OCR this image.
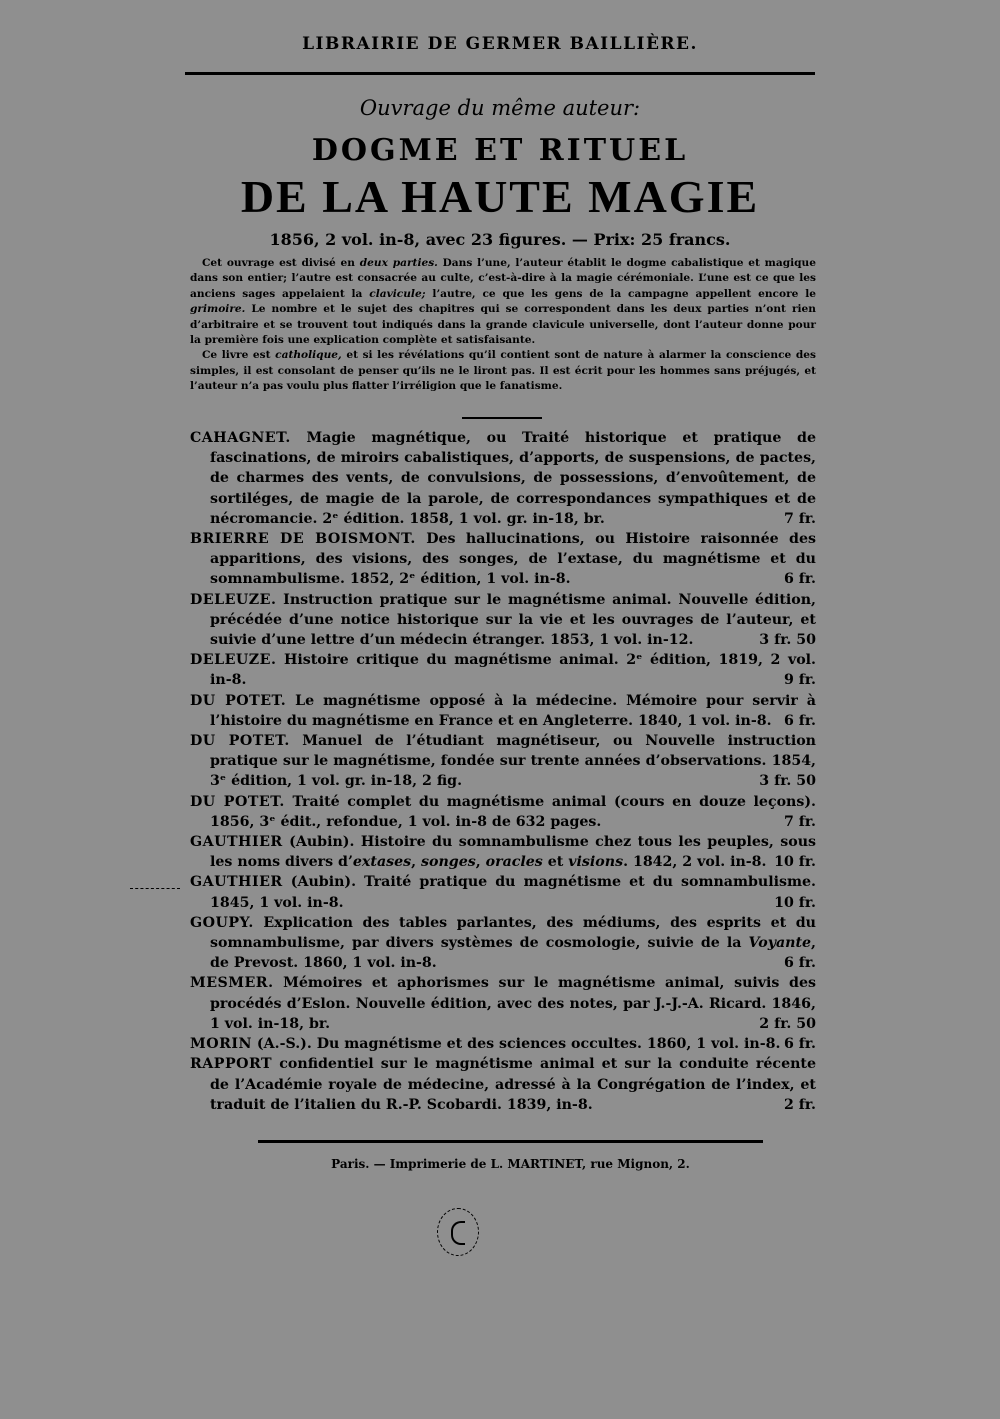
LIBRAIRIE DE GERMER BAILLIÈRE.
Ouvrage du même auteur:
DOGME ET RITUEL
DE LA HAUTE MAGIE
1856, 2 vol. in-8, avec 23 figures. — Prix: 25 francs.

Cet ouvrage est divisé en deux parties. Dans l’une, l’auteur établit le dogme cabalistique et magique dans son entier; l’autre est consacrée au culte, c’est-à-dire à la magie cérémoniale. L’une est ce que les anciens sages appelaient la clavicule; l’autre, ce que les gens de la campagne appellent encore le grimoire. Le nombre et le sujet des chapitres qui se correspondent dans les deux parties n’ont rien d’arbitraire et se trouvent tout indiqués dans la grande clavicule universelle, dont l’auteur donne pour la première fois une explication complète et satisfaisante.

Ce livre est catholique, et si les révélations qu’il contient sont de nature à alarmer la conscience des simples, il est consolant de penser qu’ils ne le liront pas. Il est écrit pour les hommes sans préjugés, et l’auteur n’a pas voulu plus flatter l’irréligion que le fanatisme.

CAHAGNET. Magie magnétique, ou Traité historique et pratique de fascinations, de miroirs cabalistiques, d’apports, de suspensions, de pactes, de charmes des vents, de convulsions, de possessions, d’envoûtement, de sortiléges, de magie de la parole, de correspondances sympathiques et de nécromancie. 2ᵉ édition. 1858, 1 vol. gr. in-18, br.	7 fr.
BRIERRE DE BOISMONT. Des hallucinations, ou Histoire raisonnée des apparitions, des visions, des songes, de l’extase, du magnétisme et du somnambulisme. 1852, 2ᵉ édition, 1 vol. in-8.	6 fr.
DELEUZE. Instruction pratique sur le magnétisme animal. Nouvelle édition, précédée d’une notice historique sur la vie et les ouvrages de l’auteur, et suivie d’une lettre d’un médecin étranger. 1853, 1 vol. in-12.	3 fr. 50
DELEUZE. Histoire critique du magnétisme animal. 2ᵉ édition, 1819, 2 vol. in-8.	9 fr.
DU POTET. Le magnétisme opposé à la médecine. Mémoire pour servir à l’histoire du magnétisme en France et en Angleterre. 1840, 1 vol. in-8. 6 fr.
DU POTET. Manuel de l’étudiant magnétiseur, ou Nouvelle instruction pratique sur le magnétisme, fondée sur trente années d’observations. 1854, 3ᵉ édition, 1 vol. gr. in-18, 2 fig.	3 fr. 50
DU POTET. Traité complet du magnétisme animal (cours en douze leçons). 1856, 3ᵉ édit., refondue, 1 vol. in-8 de 632 pages.	7 fr.
GAUTHIER (Aubin). Histoire du somnambulisme chez tous les peuples, sous les noms divers d’extases, songes, oracles et visions. 1842, 2 vol. in-8. 10 fr.
GAUTHIER (Aubin). Traité pratique du magnétisme et du somnambulisme. 1845, 1 vol. in-8.	10 fr.
GOUPY. Explication des tables parlantes, des médiums, des esprits et du somnambulisme, par divers systèmes de cosmologie, suivie de la Voyante, de Prevost. 1860, 1 vol. in-8.	6 fr.
MESMER. Mémoires et aphorismes sur le magnétisme animal, suivis des procédés d’Eslon. Nouvelle édition, avec des notes, par J.-J.-A. Ricard. 1846, 1 vol. in-18, br.	2 fr. 50
MORIN (A.-S.). Du magnétisme et des sciences occultes. 1860, 1 vol. in-8. 6 fr.
RAPPORT confidentiel sur le magnétisme animal et sur la conduite récente de l’Académie royale de médecine, adressé à la Congrégation de l’index, et traduit de l’italien du R.-P. Scobardi. 1839, in-8.	2 fr.
Paris. — Imprimerie de L. MARTINET, rue Mignon, 2.
